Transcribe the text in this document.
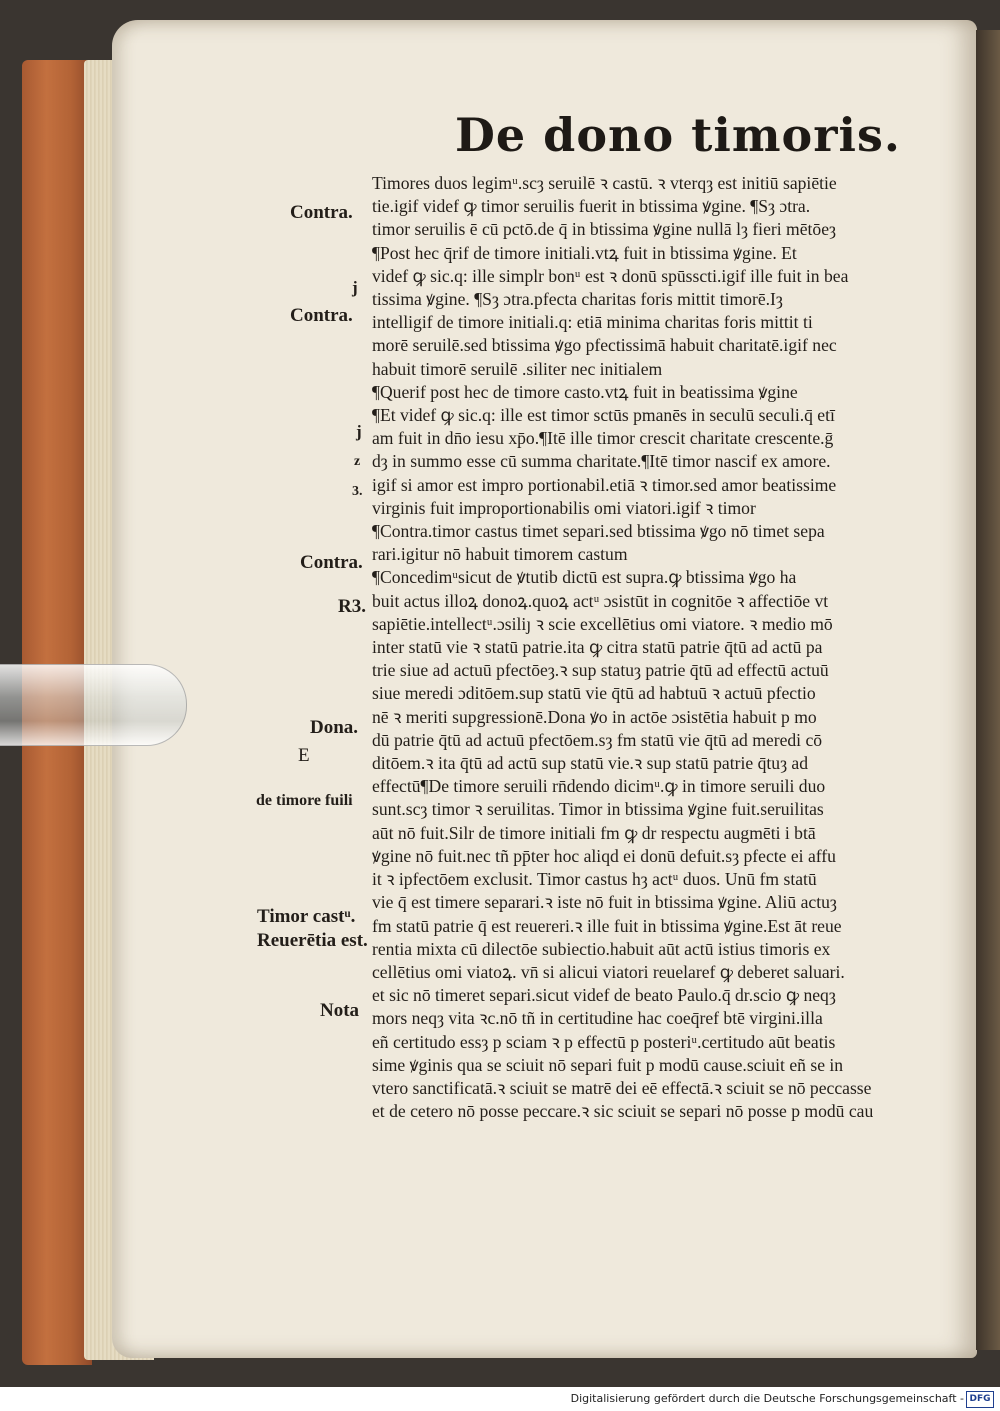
De dono timoris.
Contra.
j
Contra.
j
z
3.
Contra.
R3.
Dona.
E
de timore fuili
Timor castᵘ.
Reuerētia est.
Nota
Timores duos legimᵘ.scȝ seruilē ꝛ castū. ꝛ vterqȝ est initiū sapiētie
tie.igif videf ꝙ timor seruilis fuerit in btissima ꝟgine. ¶Sȝ ɔtra.
timor seruilis ē cū pctō.de q̄ in btissima ꝟgine nullā lȝ fieri mētōeȝ
¶Post hec q̄rif de timore initiali.vtꝝ fuit in btissima ꝟgine. Et
videf ꝙ sic.q: ille simplr bonᵘ est ꝛ donū spūsscti.igif ille fuit in bea
tissima ꝟgine. ¶Sȝ ɔtra.pfecta charitas foris mittit timorē.Iȝ
intelligif de timore initiali.q: etiā minima charitas foris mittit ti
morē seruilē.sed btissima ꝟgo pfectissimā habuit charitatē.igif nec
habuit timorē seruilē .siliter nec initialem
¶Querif post hec de timore casto.vtꝝ fuit in beatissima ꝟgine
¶Et videf ꝙ sic.q: ille est timor sctūs pmanēs in seculū seculi.q̄ etī
am fuit in dn̄o iesu xp̄o.¶Itē ille timor crescit charitate crescente.ḡ
dȝ in summo esse cū summa charitate.¶Itē timor nascif ex amore.
igif si amor est impro portionabil.etiā ꝛ timor.sed amor beatissime
virginis fuit improportionabilis omi viatori.igif ꝛ timor
¶Contra.timor castus timet separi.sed btissima ꝟgo nō timet sepa
rari.igitur nō habuit timorem castum
¶Concedimᵘsicut de ꝟtutib dictū est supra.ꝙ btissima ꝟgo ha
buit actus illoꝝ donoꝝ.quoꝝ actᵘ ɔsistūt in cognitōe ꝛ affectiōe vt
sapiētie.intellectᵘ.ɔsiliȷ ꝛ scie excellētius omi viatore. ꝛ medio mō
inter statū vie ꝛ statū patrie.ita ꝙ citra statū patrie q̄tū ad actū pa
trie siue ad actuū pfectōeȝ.ꝛ sup statuȝ patrie q̄tū ad effectū actuū
siue meredi ɔditōem.sup statū vie q̄tū ad habtuū ꝛ actuū pfectio
nē ꝛ meriti supgressionē.Dona ꝟo in actōe ɔsistētia habuit p mo
dū patrie q̄tū ad actuū pfectōem.sȝ fm statū vie q̄tū ad meredi cō
ditōem.ꝛ ita q̄tū ad actū sup statū vie.ꝛ sup statū patrie q̄tuȝ ad
effectū¶De timore seruili rn̄dendo dicimᵘ.ꝙ in timore seruili duo
sunt.scȝ timor ꝛ seruilitas. Timor in btissima ꝟgine fuit.seruilitas
aūt nō fuit.Silr de timore initiali fm ꝙ dr respectu augmēti i btā
ꝟgine nō fuit.nec tñ pp̄ter hoc aliqd ei donū defuit.sȝ pfecte ei affu
it ꝛ ipfectōem exclusit. Timor castus hȝ actᵘ duos. Unū fm statū
vie q̄ est timere separari.ꝛ iste nō fuit in btissima ꝟgine. Aliū actuȝ
fm statū patrie q̄ est reuereri.ꝛ ille fuit in btissima ꝟgine.Est āt reue
rentia mixta cū dilectōe subiectio.habuit aūt actū istius timoris ex
cellētius omi viatoꝝ. vn̄ si alicui viatori reuelaref ꝙ deberet saluari.
et sic nō timeret separi.sicut videf de beato Paulo.q̄ dr.scio ꝙ neqȝ
mors neqȝ vita ꝛc.nō tñ in certitudine hac coeq̄ref btē virgini.illa
eñ certitudo essȝ p sciam ꝛ p effectū p posteriᵘ.certitudo aūt beatis
sime ꝟginis qua se sciuit nō separi fuit p modū cause.sciuit eñ se in
vtero sanctificatā.ꝛ sciuit se matrē dei eē effectā.ꝛ sciuit se nō peccasse
et de cetero nō posse peccare.ꝛ sic sciuit se separi nō posse p modū cau
Digitalisierung gefördert durch die Deutsche Forschungsgemeinschaft - DFG
